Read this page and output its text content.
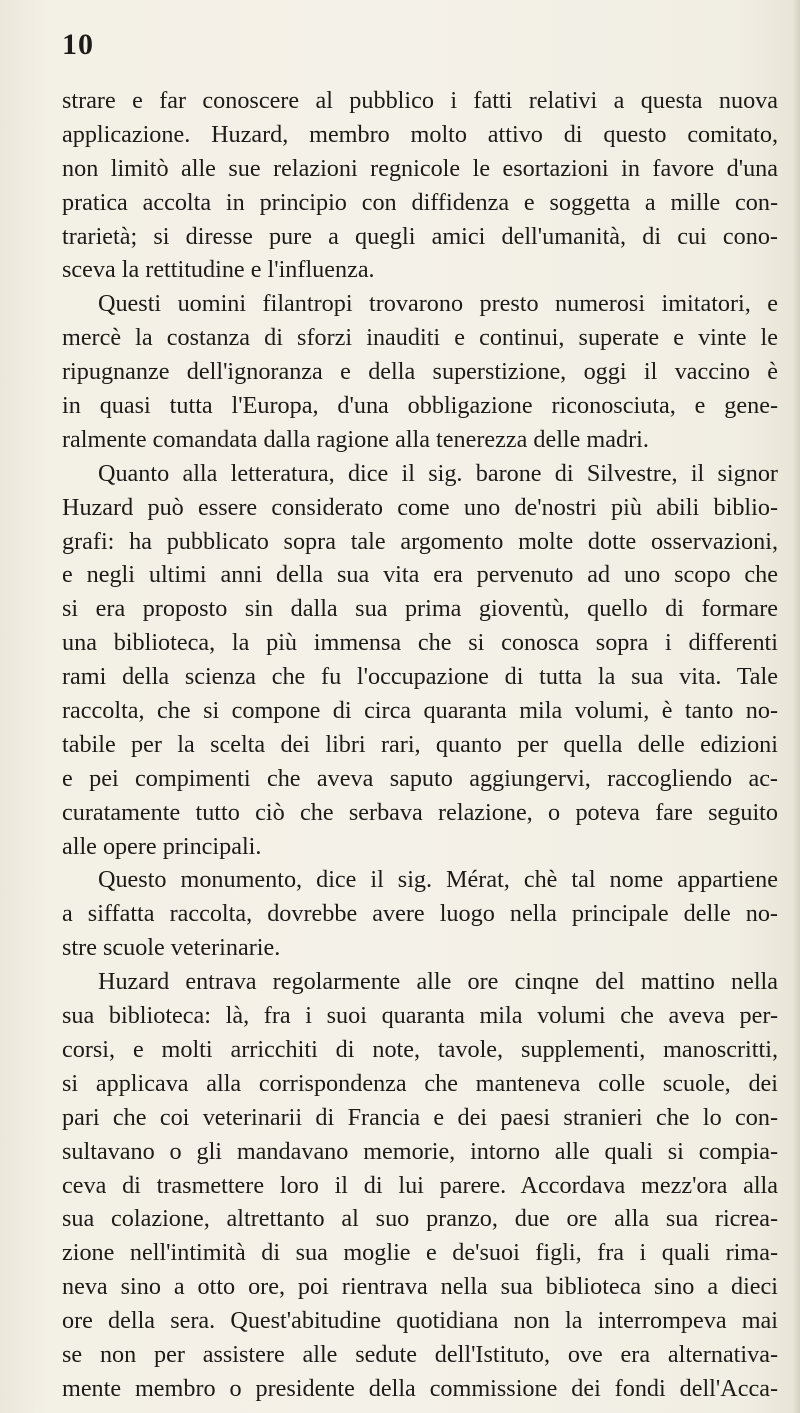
10
strare e far conoscere al pubblico i fatti relativi a questa nuova
applicazione. Huzard, membro molto attivo di questo comitato,
non limitò alle sue relazioni regnicole le esortazioni in favore d'una
pratica accolta in principio con diffidenza e soggetta a mille con-
trarietà; si diresse pure a quegli amici dell'umanità, di cui cono-
sceva la rettitudine e l'influenza.
Questi uomini filantropi trovarono presto numerosi imitatori, e
mercè la costanza di sforzi inauditi e continui, superate e vinte le
ripugnanze dell'ignoranza e della superstizione, oggi il vaccino è
in quasi tutta l'Europa, d'una obbligazione riconosciuta, e gene-
ralmente comandata dalla ragione alla tenerezza delle madri.
Quanto alla letteratura, dice il sig. barone di Silvestre, il signor
Huzard può essere considerato come uno de'nostri più abili biblio-
grafi: ha pubblicato sopra tale argomento molte dotte osservazioni,
e negli ultimi anni della sua vita era pervenuto ad uno scopo che
si era proposto sin dalla sua prima gioventù, quello di formare
una biblioteca, la più immensa che si conosca sopra i differenti
rami della scienza che fu l'occupazione di tutta la sua vita. Tale
raccolta, che si compone di circa quaranta mila volumi, è tanto no-
tabile per la scelta dei libri rari, quanto per quella delle edizioni
e pei compimenti che aveva saputo aggiungervi, raccogliendo ac-
curatamente tutto ciò che serbava relazione, o poteva fare seguito
alle opere principali.
Questo monumento, dice il sig. Mérat, chè tal nome appartiene
a siffatta raccolta, dovrebbe avere luogo nella principale delle no-
stre scuole veterinarie.
Huzard entrava regolarmente alle ore cinqne del mattino nella
sua biblioteca: là, fra i suoi quaranta mila volumi che aveva per-
corsi, e molti arricchiti di note, tavole, supplementi, manoscritti,
si applicava alla corrispondenza che manteneva colle scuole, dei
pari che coi veterinarii di Francia e dei paesi stranieri che lo con-
sultavano o gli mandavano memorie, intorno alle quali si compia-
ceva di trasmettere loro il di lui parere. Accordava mezz'ora alla
sua colazione, altrettanto al suo pranzo, due ore alla sua ricrea-
zione nell'intimità di sua moglie e de'suoi figli, fra i quali rima-
neva sino a otto ore, poi rientrava nella sua biblioteca sino a dieci
ore della sera. Quest'abitudine quotidiana non la interrompeva mai
se non per assistere alle sedute dell'Istituto, ove era alternativa-
mente membro o presidente della commissione dei fondi dell'Acca-
